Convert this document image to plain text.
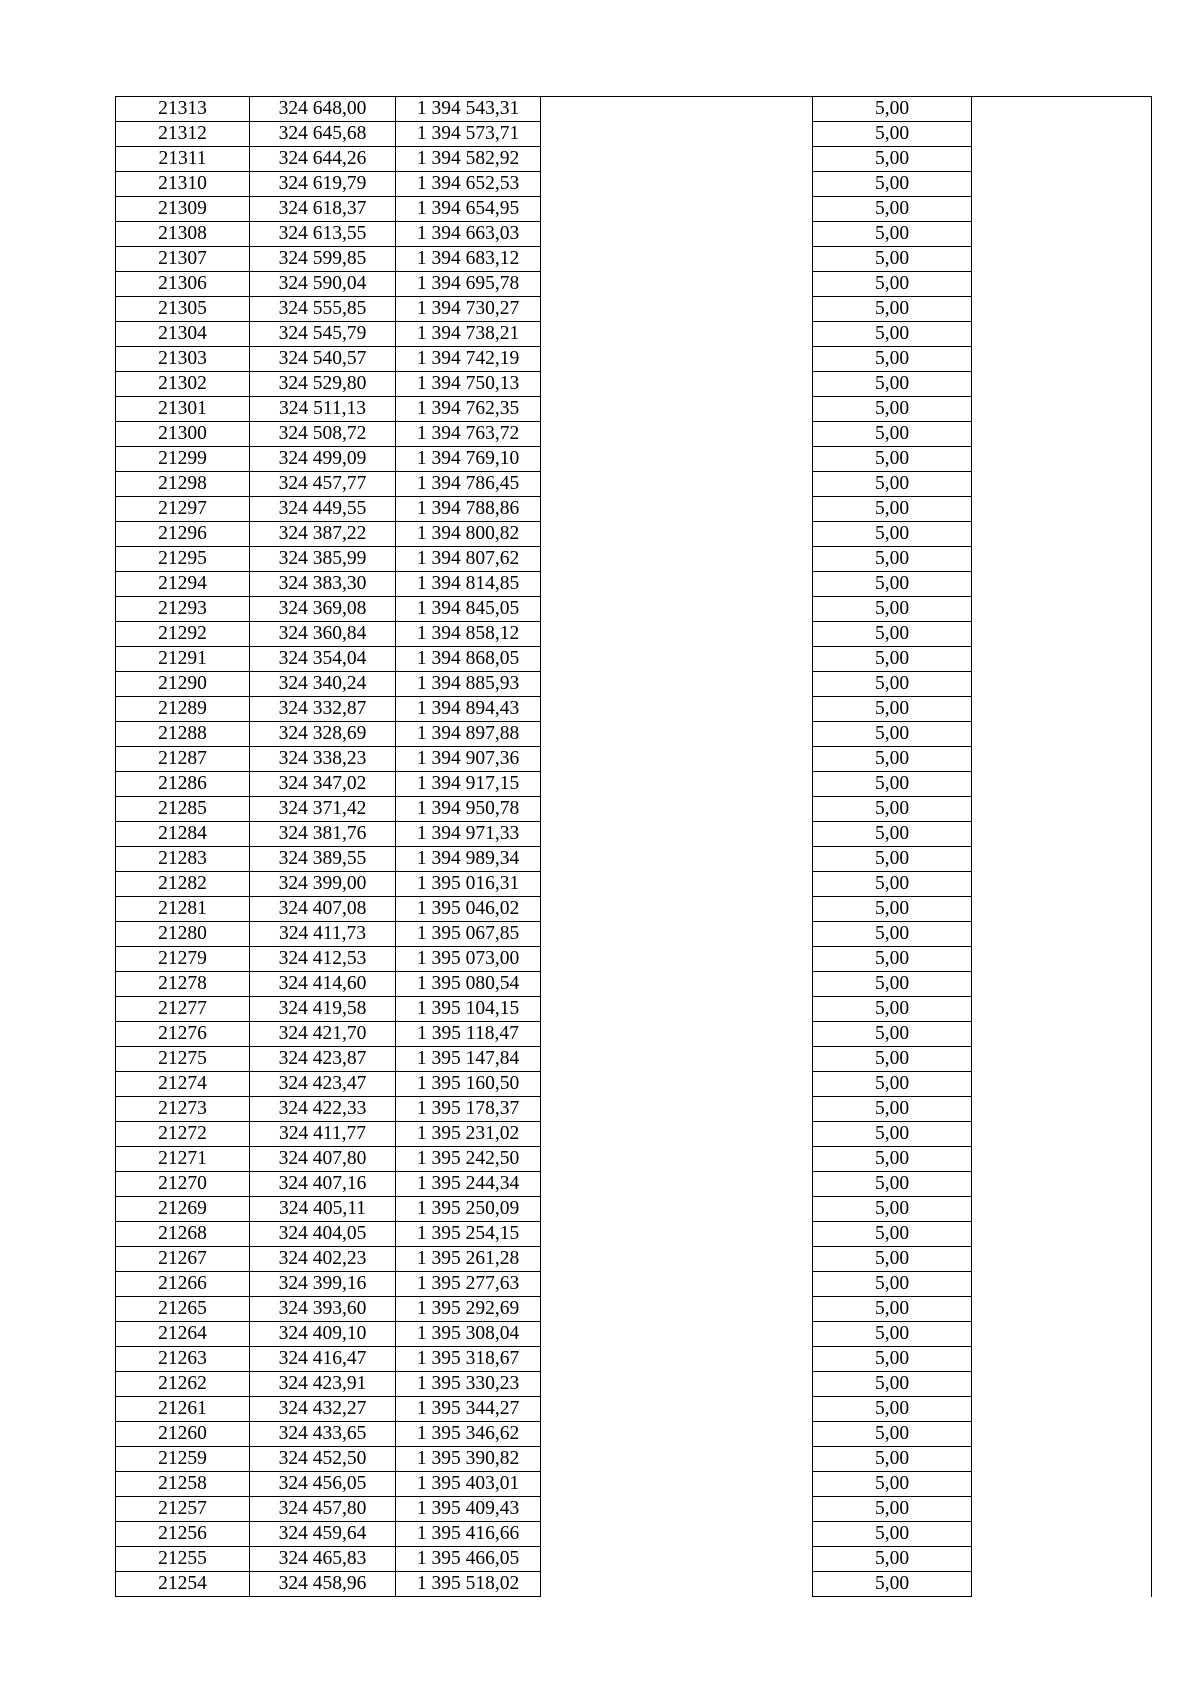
21313	324 648,00	1 394 543,31		5,00	
21312	324 645,68	1 394 573,71		5,00	
21311	324 644,26	1 394 582,92		5,00	
21310	324 619,79	1 394 652,53		5,00	
21309	324 618,37	1 394 654,95		5,00	
21308	324 613,55	1 394 663,03		5,00	
21307	324 599,85	1 394 683,12		5,00	
21306	324 590,04	1 394 695,78		5,00	
21305	324 555,85	1 394 730,27		5,00	
21304	324 545,79	1 394 738,21		5,00	
21303	324 540,57	1 394 742,19		5,00	
21302	324 529,80	1 394 750,13		5,00	
21301	324 511,13	1 394 762,35		5,00	
21300	324 508,72	1 394 763,72		5,00	
21299	324 499,09	1 394 769,10		5,00	
21298	324 457,77	1 394 786,45		5,00	
21297	324 449,55	1 394 788,86		5,00	
21296	324 387,22	1 394 800,82		5,00	
21295	324 385,99	1 394 807,62		5,00	
21294	324 383,30	1 394 814,85		5,00	
21293	324 369,08	1 394 845,05		5,00	
21292	324 360,84	1 394 858,12		5,00	
21291	324 354,04	1 394 868,05		5,00	
21290	324 340,24	1 394 885,93		5,00	
21289	324 332,87	1 394 894,43		5,00	
21288	324 328,69	1 394 897,88		5,00	
21287	324 338,23	1 394 907,36		5,00	
21286	324 347,02	1 394 917,15		5,00	
21285	324 371,42	1 394 950,78		5,00	
21284	324 381,76	1 394 971,33		5,00	
21283	324 389,55	1 394 989,34		5,00	
21282	324 399,00	1 395 016,31		5,00	
21281	324 407,08	1 395 046,02		5,00	
21280	324 411,73	1 395 067,85		5,00	
21279	324 412,53	1 395 073,00		5,00	
21278	324 414,60	1 395 080,54		5,00	
21277	324 419,58	1 395 104,15		5,00	
21276	324 421,70	1 395 118,47		5,00	
21275	324 423,87	1 395 147,84		5,00	
21274	324 423,47	1 395 160,50		5,00	
21273	324 422,33	1 395 178,37		5,00	
21272	324 411,77	1 395 231,02		5,00	
21271	324 407,80	1 395 242,50		5,00	
21270	324 407,16	1 395 244,34		5,00	
21269	324 405,11	1 395 250,09		5,00	
21268	324 404,05	1 395 254,15		5,00	
21267	324 402,23	1 395 261,28		5,00	
21266	324 399,16	1 395 277,63		5,00	
21265	324 393,60	1 395 292,69		5,00	
21264	324 409,10	1 395 308,04		5,00	
21263	324 416,47	1 395 318,67		5,00	
21262	324 423,91	1 395 330,23		5,00	
21261	324 432,27	1 395 344,27		5,00	
21260	324 433,65	1 395 346,62		5,00	
21259	324 452,50	1 395 390,82		5,00	
21258	324 456,05	1 395 403,01		5,00	
21257	324 457,80	1 395 409,43		5,00	
21256	324 459,64	1 395 416,66		5,00	
21255	324 465,83	1 395 466,05		5,00	
21254	324 458,96	1 395 518,02		5,00	
